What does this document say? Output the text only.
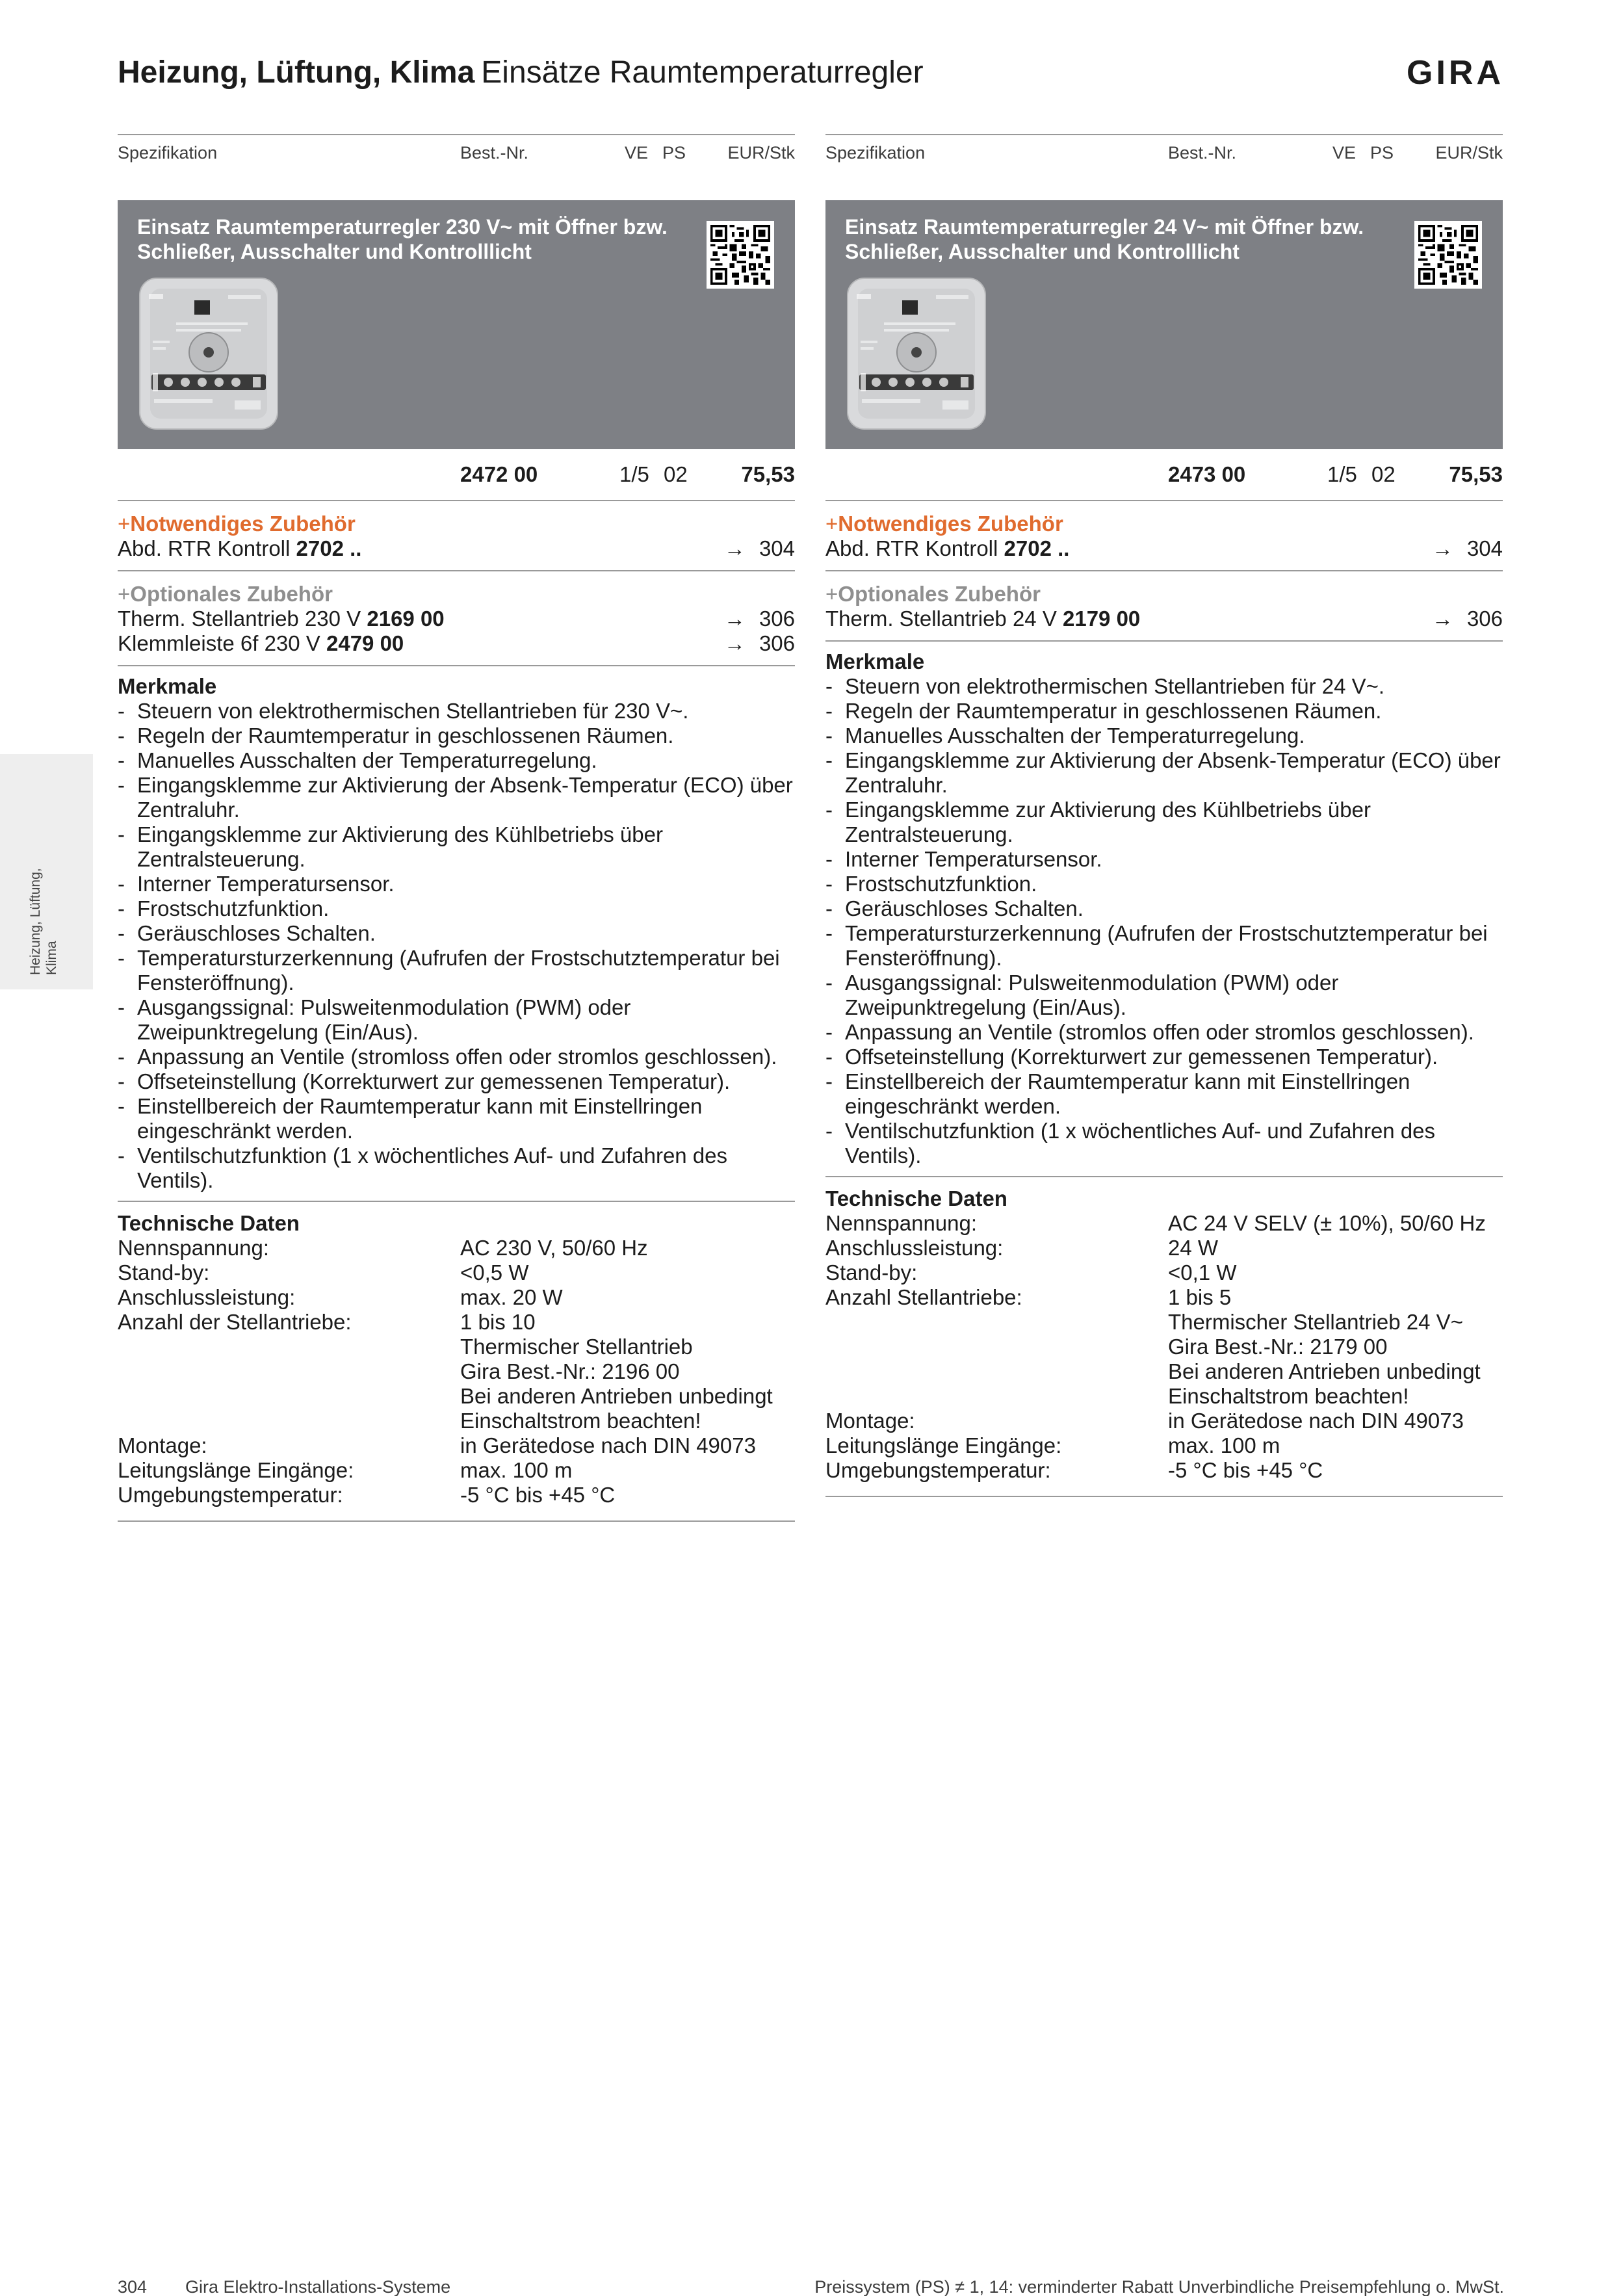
Heizung, Lüftung, Klima Einsätze Raumtemperaturregler	GIRA
Heizung, Lüftung, Klima
Spezifikation	Best.-Nr.	VE PS EUR/Stk
Einsatz Raumtemperaturregler 230 V~ mit Öffner bzw. Schließer, Ausschalter und Kontrolllicht
2472 00	1/5 02	75,53
+Notwendiges Zubehör
Abd. RTR Kontroll 2702 ..	→ 304
+Optionales Zubehör
Therm. Stellantrieb 230 V 2169 00	→ 306
Klemmleiste 6f 230 V 2479 00	→ 306
Merkmale
- Steuern von elektrothermischen Stellantrieben für 230 V~.
- Regeln der Raumtemperatur in geschlossenen Räumen.
- Manuelles Ausschalten der Temperaturregelung.
- Eingangsklemme zur Aktivierung der Absenk-Temperatur (ECO) über Zentraluhr.
- Eingangsklemme zur Aktivierung des Kühlbetriebs über Zentralsteuerung.
- Interner Temperatursensor.
- Frostschutzfunktion.
- Geräuschloses Schalten.
- Temperatursturzerkennung (Aufrufen der Frostschutztemperatur bei Fensteröffnung).
- Ausgangssignal: Pulsweitenmodulation (PWM) oder Zweipunktregelung (Ein/Aus).
- Anpassung an Ventile (stromloss offen oder stromlos geschlossen).
- Offseteinstellung (Korrekturwert zur gemessenen Temperatur).
- Einstellbereich der Raumtemperatur kann mit Einstellringen eingeschränkt werden.
- Ventilschutzfunktion (1 x wöchentliches Auf- und Zufahren des Ventils).
Technische Daten
Nennspannung:	AC 230 V, 50/60 Hz
Stand-by:	<0,5 W
Anschlussleistung:	max. 20 W
Anzahl der Stellantriebe:	1 bis 10
Thermischer Stellantrieb
Gira Best.-Nr.: 2196 00
Bei anderen Antrieben unbedingt
Einschaltstrom beachten!
Montage:	in Gerätedose nach DIN 49073
Leitungslänge Eingänge:	max. 100 m
Umgebungstemperatur:	-5 °C bis +45 °C
Spezifikation	Best.-Nr.	VE PS EUR/Stk
Einsatz Raumtemperaturregler 24 V~ mit Öffner bzw. Schließer, Ausschalter und Kontrolllicht
2473 00	1/5 02	75,53
+Notwendiges Zubehör
Abd. RTR Kontroll 2702 ..	→ 304
+Optionales Zubehör
Therm. Stellantrieb 24 V 2179 00	→ 306
Merkmale
- Steuern von elektrothermischen Stellantrieben für 24 V~.
- Regeln der Raumtemperatur in geschlossenen Räumen.
- Manuelles Ausschalten der Temperaturregelung.
- Eingangsklemme zur Aktivierung der Absenk-Temperatur (ECO) über Zentraluhr.
- Eingangsklemme zur Aktivierung des Kühlbetriebs über Zentralsteuerung.
- Interner Temperatursensor.
- Frostschutzfunktion.
- Geräuschloses Schalten.
- Temperatursturzerkennung (Aufrufen der Frostschutztemperatur bei Fensteröffnung).
- Ausgangssignal: Pulsweitenmodulation (PWM) oder Zweipunktregelung (Ein/Aus).
- Anpassung an Ventile (stromlos offen oder stromlos geschlossen).
- Offseteinstellung (Korrekturwert zur gemessenen Temperatur).
- Einstellbereich der Raumtemperatur kann mit Einstellringen eingeschränkt werden.
- Ventilschutzfunktion (1 x wöchentliches Auf- und Zufahren des Ventils).
Technische Daten
Nennspannung:	AC 24 V SELV (± 10%), 50/60 Hz
Anschlussleistung:	24 W
Stand-by:	<0,1 W
Anzahl Stellantriebe:	1 bis 5
Thermischer Stellantrieb 24 V~
Gira Best.-Nr.: 2179 00
Bei anderen Antrieben unbedingt
Einschaltstrom beachten!
Montage:	in Gerätedose nach DIN 49073
Leitungslänge Eingänge:	max. 100 m
Umgebungstemperatur:	-5 °C bis +45 °C
304 Gira Elektro-Installations-Systeme	Preissystem (PS) ≠ 1, 14: verminderter Rabatt Unverbindliche Preisempfehlung o. MwSt.
